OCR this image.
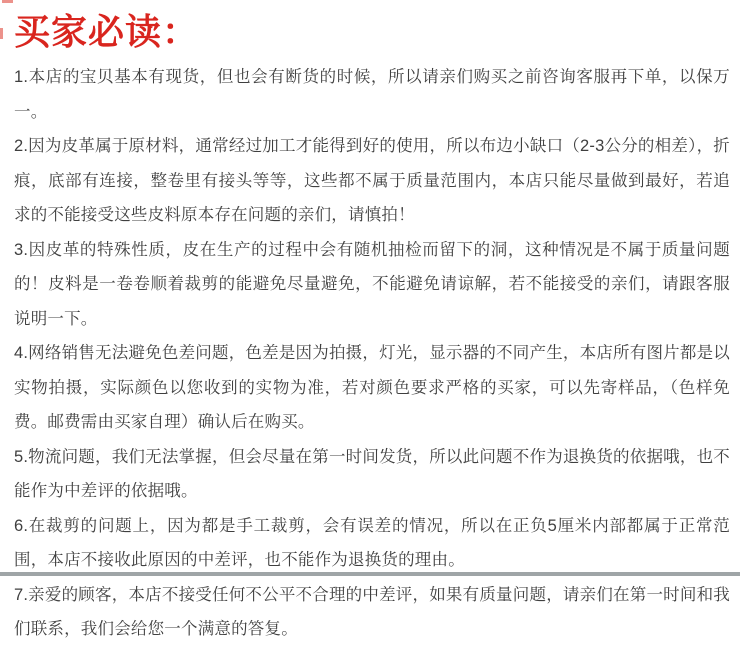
买家必读：

1.本店的宝贝基本有现货，但也会有断货的时候，所以请亲们购买之前咨询客服再下单，以保万一。

2.因为皮革属于原材料，通常经过加工才能得到好的使用，所以布边小缺口（2-3公分的相差），折痕，底部有连接，整卷里有接头等等，这些都不属于质量范围内，本店只能尽量做到最好，若追求的不能接受这些皮料原本存在问题的亲们，请慎拍！

3.因皮革的特殊性质，皮在生产的过程中会有随机抽检而留下的洞，这种情况是不属于质量问题的！皮料是一卷卷顺着裁剪的能避免尽量避免，不能避免请谅解，若不能接受的亲们，请跟客服说明一下。

4.网络销售无法避免色差问题，色差是因为拍摄，灯光，显示器的不同产生，本店所有图片都是以实物拍摄，实际颜色以您收到的实物为准，若对颜色要求严格的买家，可以先寄样品，（色样免费。邮费需由买家自理）确认后在购买。

5.物流问题，我们无法掌握，但会尽量在第一时间发货，所以此问题不作为退换货的依据哦，也不能作为中差评的依据哦。

6.在裁剪的问题上，因为都是手工裁剪，会有误差的情况，所以在正负5厘米内部都属于正常范围，本店不接收此原因的中差评，也不能作为退换货的理由。

7.亲爱的顾客，本店不接受任何不公平不合理的中差评，如果有质量问题，请亲们在第一时间和我们联系，我们会给您一个满意的答复。
